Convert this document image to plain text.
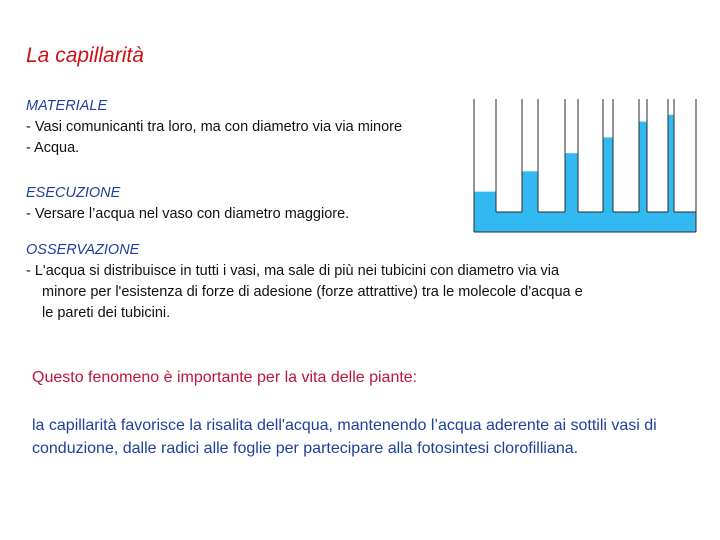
La capillarità
MATERIALE
- Vasi comunicanti tra loro, ma con diametro via via minore
- Acqua.
ESECUZIONE
- Versare l’acqua nel vaso con diametro maggiore.
OSSERVAZIONE
- L'acqua si distribuisce in tutti i vasi, ma sale di più nei tubicini con diametro via via
minore per l'esistenza di forze di adesione (forze attrattive) tra le molecole d'acqua e
le pareti dei tubicini.
Questo fenomeno è importante per la vita delle piante:
la capillarità favorisce la risalita dell'acqua, mantenendo l’acqua aderente ai sottili vasi di conduzione, dalle radici alle foglie per partecipare alla fotosintesi clorofilliana.
